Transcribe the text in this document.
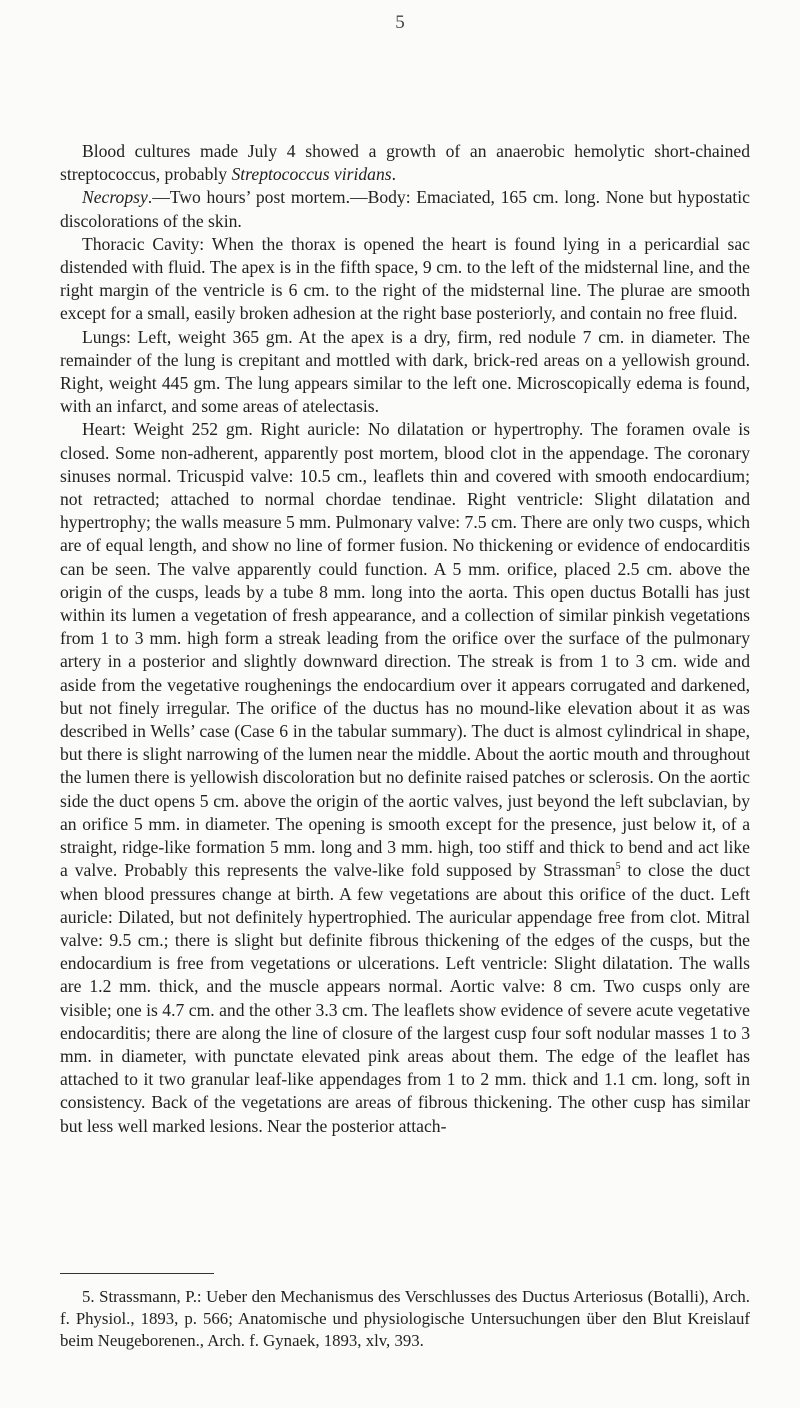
5

Blood cultures made July 4 showed a growth of an anaerobic hemolytic short-chained streptococcus, probably Streptococcus viridans.

Necropsy.—Two hours’ post mortem.—Body: Emaciated, 165 cm. long. None but hypostatic discolorations of the skin.

Thoracic Cavity: When the thorax is opened the heart is found lying in a pericardial sac distended with fluid. The apex is in the fifth space, 9 cm. to the left of the midsternal line, and the right margin of the ventricle is 6 cm. to the right of the midsternal line. The plurae are smooth except for a small, easily broken adhesion at the right base posteriorly, and contain no free fluid.

Lungs: Left, weight 365 gm. At the apex is a dry, firm, red nodule 7 cm. in diameter. The remainder of the lung is crepitant and mottled with dark, brick-red areas on a yellowish ground. Right, weight 445 gm. The lung appears similar to the left one. Microscopically edema is found, with an infarct, and some areas of atelectasis.

Heart: Weight 252 gm. Right auricle: No dilatation or hypertrophy. The foramen ovale is closed. Some non-adherent, apparently post mortem, blood clot in the appendage. The coronary sinuses normal. Tricuspid valve: 10.5 cm., leaflets thin and covered with smooth endocardium; not retracted; attached to normal chordae tendinae. Right ventricle: Slight dilatation and hypertrophy; the walls measure 5 mm. Pulmonary valve: 7.5 cm. There are only two cusps, which are of equal length, and show no line of former fusion. No thickening or evidence of endocarditis can be seen. The valve apparently could function. A 5 mm. orifice, placed 2.5 cm. above the origin of the cusps, leads by a tube 8 mm. long into the aorta. This open ductus Botalli has just within its lumen a vegetation of fresh appearance, and a collection of similar pinkish vegetations from 1 to 3 mm. high form a streak leading from the orifice over the surface of the pulmonary artery in a posterior and slightly downward direction. The streak is from 1 to 3 cm. wide and aside from the vegetative roughenings the endocardium over it appears corrugated and darkened, but not finely irregular. The orifice of the ductus has no mound-like elevation about it as was described in Wells’ case (Case 6 in the tabular summary). The duct is almost cylindrical in shape, but there is slight narrowing of the lumen near the middle. About the aortic mouth and throughout the lumen there is yellowish discoloration but no definite raised patches or sclerosis. On the aortic side the duct opens 5 cm. above the origin of the aortic valves, just beyond the left subclavian, by an orifice 5 mm. in diameter. The opening is smooth except for the presence, just below it, of a straight, ridge-like formation 5 mm. long and 3 mm. high, too stiff and thick to bend and act like a valve. Probably this represents the valve-like fold supposed by Strassman$^5$ to close the duct when blood pressures change at birth. A few vegetations are about this orifice of the duct. Left auricle: Dilated, but not definitely hypertrophied. The auricular appendage free from clot. Mitral valve: 9.5 cm.; there is slight but definite fibrous thickening of the edges of the cusps, but the endocardium is free from vegetations or ulcerations. Left ventricle: Slight dilatation. The walls are 1.2 mm. thick, and the muscle appears normal. Aortic valve: 8 cm. Two cusps only are visible; one is 4.7 cm. and the other 3.3 cm. The leaflets show evidence of severe acute vegetative endocarditis; there are along the line of closure of the largest cusp four soft nodular masses 1 to 3 mm. in diameter, with punctate elevated pink areas about them. The edge of the leaflet has attached to it two granular leaf-like appendages from 1 to 2 mm. thick and 1.1 cm. long, soft in consistency. Back of the vegetations are areas of fibrous thickening. The other cusp has similar but less well marked lesions. Near the posterior attach-

5. Strassmann, P.: Ueber den Mechanismus des Verschlusses des Ductus Arteriosus (Botalli), Arch. f. Physiol., 1893, p. 566; Anatomische und physiologische Untersuchungen über den Blut Kreislauf beim Neugeborenen., Arch. f. Gynaek, 1893, xlv, 393.
